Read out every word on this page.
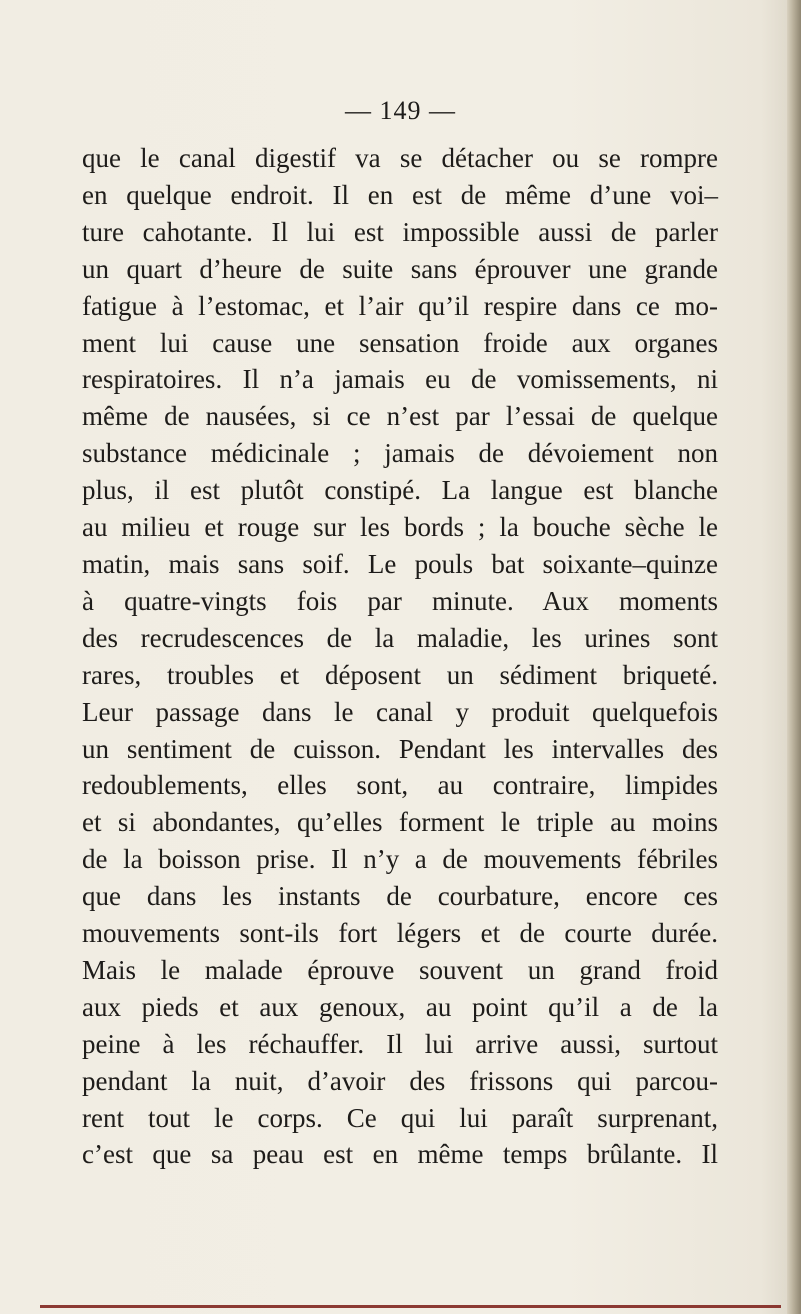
— 149 —
que le canal digestif va se détacher ou se rompre
en quelque endroit. Il en est de même d’une voi–
ture cahotante. Il lui est impossible aussi de parler
un quart d’heure de suite sans éprouver une grande
fatigue à l’estomac, et l’air qu’il respire dans ce mo-
ment lui cause une sensation froide aux organes
respiratoires. Il n’a jamais eu de vomissements, ni
même de nausées, si ce n’est par l’essai de quelque
substance médicinale ; jamais de dévoiement non
plus, il est plutôt constipé. La langue est blanche
au milieu et rouge sur les bords ; la bouche sèche le
matin, mais sans soif. Le pouls bat soixante–quinze
à quatre-vingts fois par minute. Aux moments
des recrudescences de la maladie, les urines sont
rares, troubles et déposent un sédiment briqueté.
Leur passage dans le canal y produit quelquefois
un sentiment de cuisson. Pendant les intervalles des
redoublements, elles sont, au contraire, limpides
et si abondantes, qu’elles forment le triple au moins
de la boisson prise. Il n’y a de mouvements fébriles
que dans les instants de courbature, encore ces
mouvements sont-ils fort légers et de courte durée.
Mais le malade éprouve souvent un grand froid
aux pieds et aux genoux, au point qu’il a de la
peine à les réchauffer. Il lui arrive aussi, surtout
pendant la nuit, d’avoir des frissons qui parcou-
rent tout le corps. Ce qui lui paraît surprenant,
c’est que sa peau est en même temps brûlante. Il
